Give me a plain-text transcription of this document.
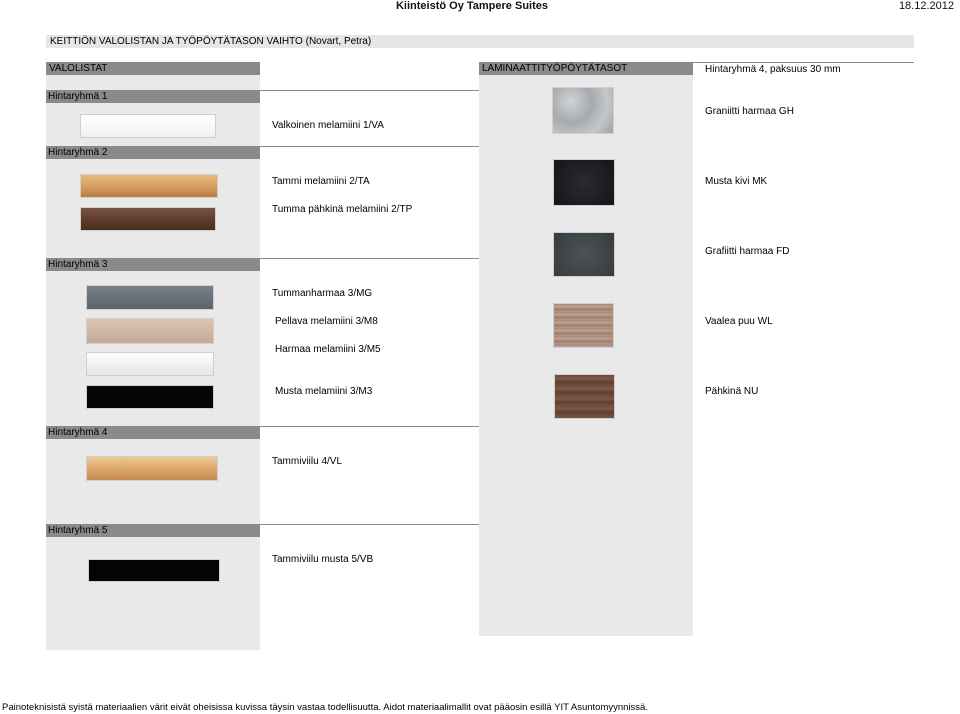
Kiinteistö Oy Tampere Suites	18.12.2012
KEITTIÖN VALOLISTAN JA TYÖPÖYTÄTASON VAIHTO (Novart, Petra)
VALOLISTAT	LAMINAATTITYÖPÖYTÄTASOT	Hintaryhmä 4, paksuus 30 mm
Hintaryhmä 1
Hintaryhmä 2
Hintaryhmä 3
Hintaryhmä 4
Hintaryhmä 5
Valkoinen melamiini 1/VA
Tammi melamiini 2/TA
Tumma pähkinä melamiini 2/TP
Tummanharmaa 3/MG
Pellava melamiini 3/M8
Harmaa melamiini 3/M5
Musta melamiini 3/M3
Tammiviilu 4/VL
Tammiviilu musta 5/VB
Graniitti harmaa GH
Musta kivi MK
Grafiitti harmaa FD
Vaalea puu WL
Pähkinä NU
Painoteknisistä syistä materiaalien värit eivät oheisissa kuvissa täysin vastaa todellisuutta. Aidot materiaalimallit ovat pääosin esillä YIT Asuntomyynnissä.
